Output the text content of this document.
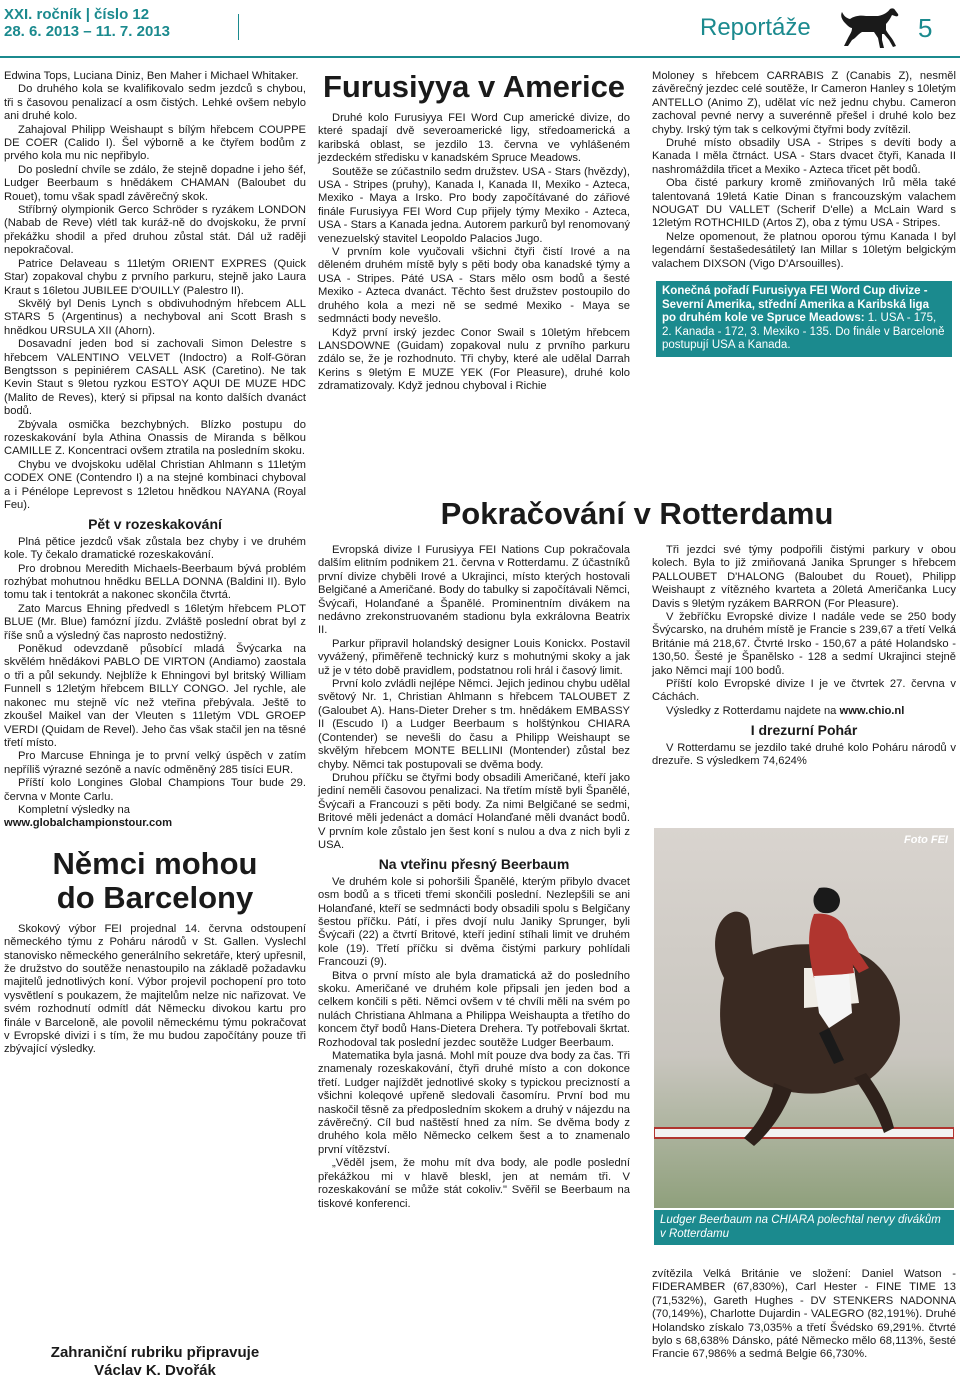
XXI. ročník | číslo 12
28. 6. 2013 – 11. 7. 2013	Reportáže	5

Edwina Tops, Luciana Diniz, Ben Maher i Michael Whitaker.

Do druhého kola se kvalifikovalo sedm jezdců s chybou, tři s časovou penalizací a osm čistých. Lehké ovšem nebylo ani druhé kolo.

Zahajoval Philipp Weishaupt s bílým hřebcem COUPPE DE COER (Calido I). Šel výborně a ke čtyřem bodům z prvého kola mu nic nepřibylo.

Do poslední chvíle se zdálo, že stejně dopadne i jeho šéf, Ludger Beerbaum s hnědákem CHAMAN (Baloubet du Rouet), tomu však spadl závěrečný skok.

Stříbrný olympionik Gerco Schröder s ryzákem LONDON (Nabab de Reve) vlétl tak kuráž-ně do dvojskoku, že první překážku shodil a před druhou zůstal stát. Dál už raději nepokračoval.

Patrice Delaveau s 11letým ORIENT EXPRES (Quick Star) zopakoval chybu z prvního parkuru, stejně jako Laura Kraut s 16letou JUBILEE D'OUILLY (Palestro II).

Skvělý byl Denis Lynch s obdivuhodným hřebcem ALL STARS 5 (Argentinus) a nechyboval ani Scott Brash s hnědkou URSULA XII (Ahorn).

Dosavadní jeden bod si zachovali Simon Delestre s hřebcem VALENTINO VELVET (Indoctro) a Rolf-Göran Bengtsson s pepiniérem CASALL ASK (Caretino). Ne tak Kevin Staut s 9letou ryzkou ESTOY AQUI DE MUZE HDC (Malito de Reves), který si připsal na konto dalších dvanáct bodů.

Zbývala osmička bezchybných. Blízko postupu do rozeskakování byla Athina Onassis de Miranda s bělkou CAMILLE Z. Koncentraci ovšem ztratila na posledním skoku.

Chybu ve dvojskoku udělal Christian Ahlmann s 11letým CODEX ONE (Contendro I) a na stejné kombinaci chyboval a i Pénélope Leprevost s 12letou hnědkou NAYANA (Royal Feu).

Pět v rozeskakování

Plná pětice jezdců však zůstala bez chyby i ve druhém kole. Ty čekalo dramatické rozeskakování.

Pro drobnou Meredith Michaels-Beerbaum bývá problém rozhýbat mohutnou hnědku BELLA DONNA (Baldini II). Bylo tomu tak i tentokrát a nakonec skončila čtvrtá.

Zato Marcus Ehning předvedl s 16letým hřebcem PLOT BLUE (Mr. Blue) famózní jízdu. Zvláště poslední obrat byl z říše snů a výsledný čas naprosto nedostižný.

Poněkud odevzdaně působící mladá Švýcarka na skvělém hnědákovi PABLO DE VIRTON (Andiamo) zaostala o tři a půl sekundy. Nejblíže k Ehningovi byl britský William Funnell s 12letým hřebcem BILLY CONGO. Jel rychle, ale nakonec mu stejně víc než vteřina přebývala. Ještě to zkoušel Maikel van der Vleuten s 11letým VDL GROEP VERDI (Quidam de Revel). Jeho čas však stačil jen na těsné třetí místo.

Pro Marcuse Ehninga je to první velký úspěch v zatím nepříliš výrazné sezóně a navíc odměněný 285 tisíci EUR.

Příští kolo Longines Global Champions Tour bude 29. června v Monte Carlu.

Kompletní výsledky na

www.globalchampionstour.com

Němci mohou
do Barcelony

Skokový výbor FEI projednal 14. června odstoupení německého týmu z Poháru národů v St. Gallen. Vyslechl stanovisko německého generálního sekretáře, který upřesnil, že družstvo do soutěže nenastoupilo na základě požadavku majitelů jednotlivých koní. Výbor projevil pochopení pro toto vysvětlení s poukazem, že majitelům nelze nic nařizovat. Ve svém rozhodnutí odmítl dát Německu divokou kartu pro finále v Barceloně, ale povolil německému týmu pokračovat v Evropské divizi i s tím, že mu budou započítány pouze tři zbývající výsledky.

Zahraniční rubriku připravuje
Václav K. Dvořák
Furusiyya v Americe

Druhé kolo Furusiyya FEI Word Cup americké divize, do které spadají dvě severoamerické ligy, středoamerická a karibská oblast, se jezdilo 13. června ve vyhlášeném jezdeckém středisku v kanadském Spruce Meadows.

Soutěže se zúčastnilo sedm družstev. USA - Stars (hvězdy), USA - Stripes (pruhy), Kanada I, Kanada II, Mexiko - Azteca, Mexiko - Maya a Irsko. Pro body započítávané do zářiové finále Furusiyya FEI Word Cup přijely týmy Mexiko - Azteca, USA - Stars a Kanada jedna. Autorem parkurů byl renomovaný venezuelský stavitel Leopoldo Palacios Jugo.

V prvním kole vyučovali všichni čtyři čistí Irové a na děleném druhém místě byly s pěti body oba kanadské týmy a USA - Stripes. Páté USA - Stars mělo osm bodů a šesté Mexiko - Azteca dvanáct. Těchto šest družstev postoupilo do druhého kola a mezi ně se sedmé Mexiko - Maya se sedmnácti body nevešlo.

Když první irský jezdec Conor Swail s 10letým hřebcem LANSDOWNE (Guidam) zopakoval nulu z prvního parkuru zdálo se, že je rozhodnuto. Tři chyby, které ale udělal Darrah Kerins s 9letým E MUZE YEK (For Pleasure), druhé kolo zdramatizovaly. Když jednou chyboval i Richie

Moloney s hřebcem CARRABIS Z (Canabis Z), nesměl závěrečný jezdec celé soutěže, Ir Cameron Hanley s 10letým ANTELLO (Animo Z), udělat víc než jednu chybu. Cameron zachoval pevné nervy a suverénně přešel i druhé kolo bez chyby. Irský tým tak s celkovými čtyřmi body zvítězil.

Druhé místo obsadily USA - Stripes s devíti body a Kanada I měla čtrnáct. USA - Stars dvacet čtyři, Kanada II nashromáždila třicet a Mexiko - Azteca třicet pět bodů.

Oba čisté parkury kromě zmiňovaných Irů měla také talentovaná 19letá Katie Dinan s francouzským valachem NOUGAT DU VALLET (Scherif D'elle) a McLain Ward s 12letým ROTHCHILD (Artos Z), oba z týmu USA - Stripes.

Nelze opomenout, že platnou oporou týmu Kanada I byl legendární šestašedesátiletý Ian Millar s 10letým belgickým valachem DIXSON (Vigo D'Arsouilles).

Konečná pořadí Furusiyya FEI Word Cup divize - Severní Amerika, střední Amerika a Karibská liga po druhém kole ve Spruce Meadows: 1. USA - 175, 2. Kanada - 172, 3. Mexiko - 135. Do finále v Barceloně postupují USA a Kanada.
Pokračování v Rotterdamu

Evropská divize I Furusiyya FEI Nations Cup pokračovala dalším elitním podnikem 21. června v Rotterdamu. Z účastníků první divize chyběli Irové a Ukrajinci, místo kterých hostovali Belgičané a Američané. Body do tabulky si započítávali Němci, Švýcaři, Holanďané a Španělé. Prominentním divákem na nedávno zrekonstruovaném stadionu byla exkrálovna Beatrix II.

Parkur připravil holandský designer Louis Konickx. Postavil vyvážený, přiměřeně technický kurz s mohutnými skoky a jak už je v této době pravidlem, podstatnou roli hrál i časový limit.

První kolo zvládli nejlépe Němci. Jejich jedinou chybu udělal světový Nr. 1, Christian Ahlmann s hřebcem TALOUBET Z (Galoubet A). Hans-Dieter Dreher s tm. hnědákem EMBASSY II (Escudo I) a Ludger Beerbaum s holštýnkou CHIARA (Contender) se nevešli do času a Philipp Weishaupt se skvělým hřebcem MONTE BELLINI (Montender) zůstal bez chyby. Němci tak postupovali se dvěma body.

Druhou příčku se čtyřmi body obsadili Američané, kteří jako jediní neměli časovou penalizaci. Na třetím místě byli Španělé, Švýcaři a Francouzi s pěti body. Za nimi Belgičané se sedmi, Britové měli jedenáct a domácí Holanďané měli dvanáct bodů. V prvním kole zůstalo jen šest koní s nulou a dva z nich byli z USA.

Na vteřinu přesný Beerbaum

Ve druhém kole si pohoršili Španělé, kterým přibylo dvacet osm bodů a s třiceti třemi skončili poslední. Nezlepšili se ani Holanďané, kteří se sedmnácti body obsadili spolu s Belgičany šestou příčku. Pátí, i přes dvojí nulu Janiky Sprunger, byli Švýcaři (22) a čtvrtí Britové, kteří jediní stíhali limit ve druhém kole (19). Třetí příčku si dvěma čistými parkury pohlídali Francouzi (9).

Bitva o první místo ale byla dramatická až do posledního skoku. Američané ve druhém kole připsali jen jeden bod a celkem končili s pěti. Němci ovšem v té chvíli měli na svém po nulách Christiana Ahlmana a Philippa Weishaupta a třetího do koncem čtyř bodů Hans-Dietera Drehera. Ty potřebovali škrtat. Rozhodoval tak poslední jezdec soutěže Ludger Beerbaum.

Matematika byla jasná. Mohl mít pouze dva body za čas. Tři znamenaly rozeskakování, čtyři druhé místo a con dokonce třetí. Ludger najíždět jednotlivé skoky s typickou precizností a všichni koleqové upřeně sledovali časomíru. První bod mu naskočil těsně za předposledním skokem a druhý v nájezdu na závěrečný. Cíl bud naštěstí hned za ním. Se dvěma body z druhého kola mělo Německo celkem šest a to znamenalo první vítězství.

„Věděl jsem, že mohu mít dva body, ale podle poslední překážkou mi v hlavě bleskl, jen at nemám tři. V rozeskakování se může stát cokoliv." Svěřil se Beerbaum na tiskové konferenci.

Tři jezdci své týmy podpořili čistými parkury v obou kolech. Byla to již zmiňovaná Janika Sprunger s hřebcem PALLOUBET D'HALONG (Baloubet du Rouet), Philipp Weishaupt z vítězného kvarteta a 20letá Američanka Lucy Davis s 9letým ryzákem BARRON (For Pleasure).

V žebříčku Evropské divize I nadále vede se 250 body Švýcarsko, na druhém místě je Francie s 239,67 a třetí Velká Británie má 218,67. Čtvrté Irsko - 150,67 a páté Holandsko - 130,50. Šesté je Španělsko - 128 a sedmí Ukrajinci stejně jako Němci mají 100 bodů.

Příští kolo Evropské divize I je ve čtvrtek 27. června v Cáchách.

Výsledky z Rotterdamu najdete na www.chio.nl

I drezurní Pohár

V Rotterdamu se jezdilo také druhé kolo Poháru národů v drezuře. S výsledkem 74,624%

Foto FEI
Ludger Beerbaum na CHIARA polechtal nervy divákům v Rotterdamu

zvítězila Velká Británie ve složení: Daniel Watson - FIDERAMBER (67,830%), Carl Hester - FINE TIME 13 (71,532%), Gareth Hughes - DV STENKERS NADONNA (70,149%), Charlotte Dujardin - VALEGRO (82,191%). Druhé Holandsko získalo 73,035% a třetí Švédsko 69,291%. čtvrté bylo s 68,638% Dánsko, páté Německo mělo 68,113%, šesté Francie 67,986% a sedmá Belgie 66,730%.
